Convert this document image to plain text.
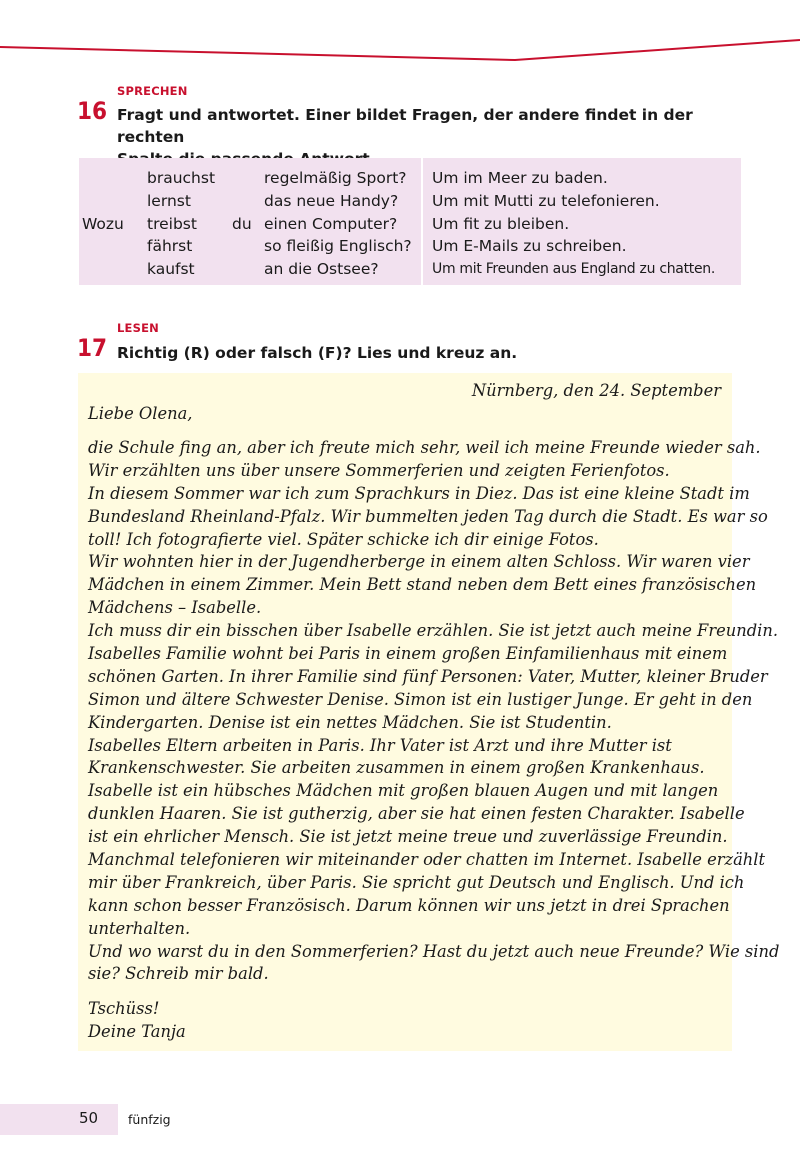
SPRECHEN
16 Fragt und antwortet. Einer bildet Fragen, der andere findet in der rechten
Wozu
brauchst
lernst
treibst
fährst
kaufst
du
regelmäßig Sport?
das neue Handy?
einen Computer?
so fleißig Englisch?
an die Ostsee?
Um im Meer zu baden.
Um mit Mutti zu telefonieren.
Um fit zu bleiben.
Um E-Mails zu schreiben.
Um mit Freunden aus England zu chatten.
LESEN
17 Richtig (R) oder falsch (F)? Lies und kreuz an.
Nürnberg, den 24. September
Liebe Olena,
die Schule fing an, aber ich freute mich sehr, weil ich meine Freunde wieder sah.
Wir erzählten uns über unsere Sommerferien und zeigten Ferienfotos.
In diesem Sommer war ich zum Sprachkurs in Diez. Das ist eine kleine Stadt im
Bundesland Rheinland-Pfalz. Wir bummelten jeden Tag durch die Stadt. Es war so
toll! Ich fotografierte viel. Später schicke ich dir einige Fotos.
Wir wohnten hier in der Jugendherberge in einem alten Schloss. Wir waren vier
Mädchen in einem Zimmer. Mein Bett stand neben dem Bett eines französischen
Mädchens – Isabelle.
Ich muss dir ein bisschen über Isabelle erzählen. Sie ist jetzt auch meine Freundin.
Isabelles Familie wohnt bei Paris in einem großen Einfamilienhaus mit einem
schönen Garten. In ihrer Familie sind fünf Personen: Vater, Mutter, kleiner Bruder
Simon und ältere Schwester Denise. Simon ist ein lustiger Junge. Er geht in den
Kindergarten. Denise ist ein nettes Mädchen. Sie ist Studentin.
Isabelles Eltern arbeiten in Paris. Ihr Vater ist Arzt und ihre Mutter ist
Krankenschwester. Sie arbeiten zusammen in einem großen Krankenhaus.
Isabelle ist ein hübsches Mädchen mit großen blauen Augen und mit langen
dunklen Haaren. Sie ist gutherzig, aber sie hat einen festen Charakter. Isabelle
ist ein ehrlicher Mensch. Sie ist jetzt meine treue und zuverlässige Freundin.
Manchmal telefonieren wir miteinander oder chatten im Internet. Isabelle erzählt
mir über Frankreich, über Paris. Sie spricht gut Deutsch und Englisch. Und ich
kann schon besser Französisch. Darum können wir uns jetzt in drei Sprachen
unterhalten.
Und wo warst du in den Sommerferien? Hast du jetzt auch neue Freunde? Wie sind
sie? Schreib mir bald.
Tschüss!
Deine Tanja
50 fünfzig
